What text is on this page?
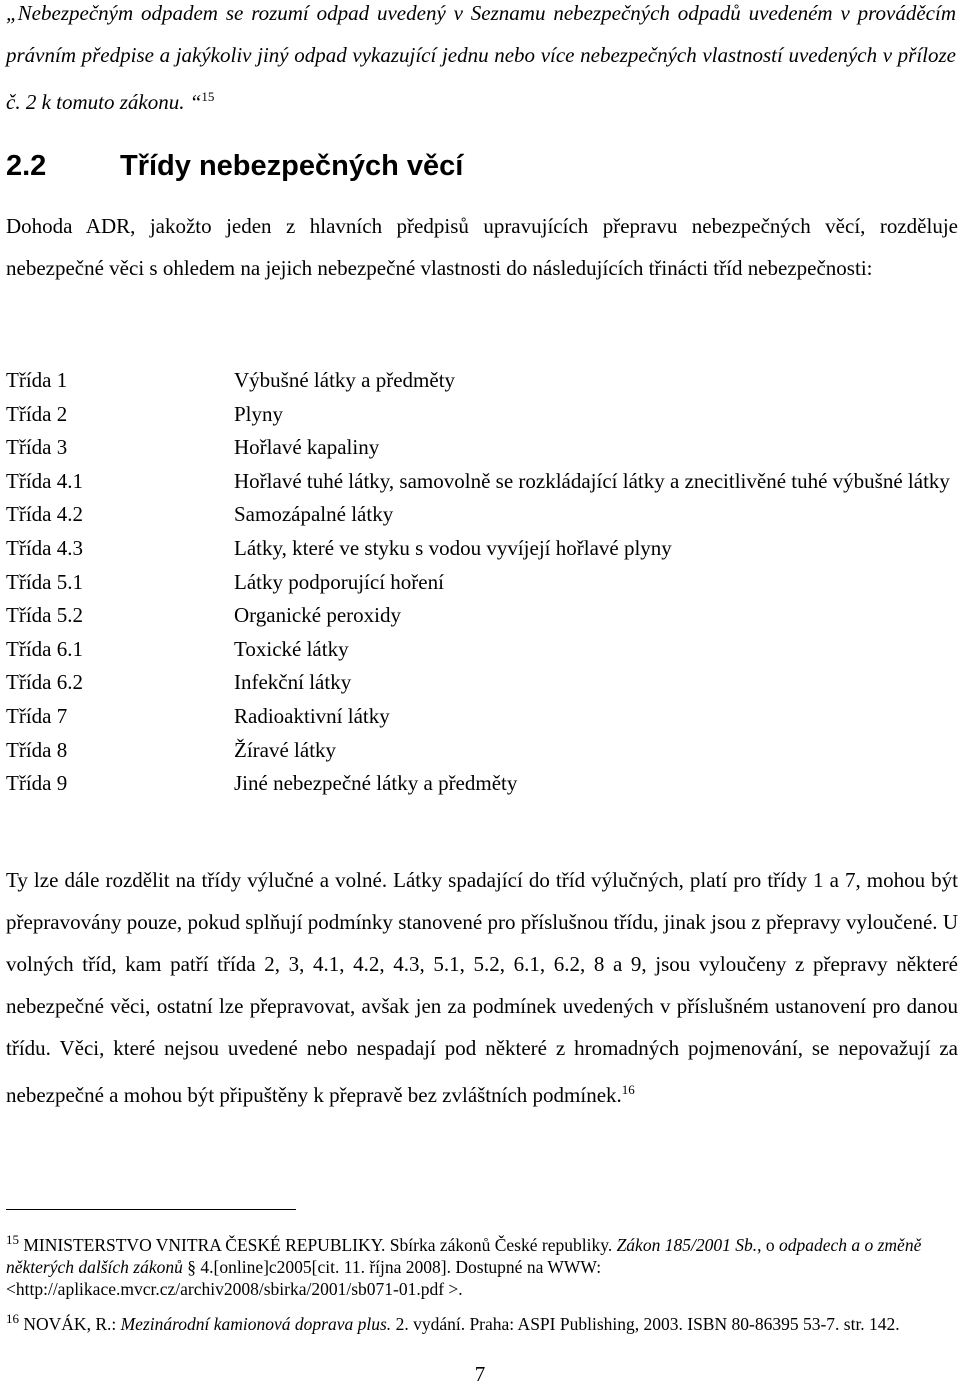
„Nebezpečným odpadem se rozumí odpad uvedený v Seznamu nebezpečných odpadů uvedeném v prováděcím právním předpise a jakýkoliv jiný odpad vykazující jednu nebo více nebezpečných vlastností uvedených v příloze č. 2 k tomuto zákonu. “$^{15}$
2.2	Třídy nebezpečných věcí
Dohoda ADR, jakožto jeden z hlavních předpisů upravujících přepravu nebezpečných věcí, rozděluje nebezpečné věci s ohledem na jejich nebezpečné vlastnosti do následujících třinácti tříd nebezpečnosti:
Třída 1	Výbušné látky a předměty
Třída 2	Plyny
Třída 3	Hořlavé kapaliny
Třída 4.1	Hořlavé tuhé látky, samovolně se rozkládající látky a znecitlivěné tuhé výbušné látky
Třída 4.2	Samozápalné látky
Třída 4.3	Látky, které ve styku s vodou vyvíjejí hořlavé plyny
Třída 5.1	Látky podporující hoření
Třída 5.2	Organické peroxidy
Třída 6.1	Toxické látky
Třída 6.2	Infekční látky
Třída 7	Radioaktivní látky
Třída 8	Žíravé látky
Třída 9	Jiné nebezpečné látky a předměty
Ty lze dále rozdělit na třídy výlučné a volné. Látky spadající do tříd výlučných, platí pro třídy 1 a 7, mohou být přepravovány pouze, pokud splňují podmínky stanovené pro příslušnou třídu, jinak jsou z přepravy vyloučené. U volných tříd, kam patří třída 2, 3, 4.1, 4.2, 4.3, 5.1, 5.2, 6.1, 6.2, 8 a 9, jsou vyloučeny z přepravy některé nebezpečné věci, ostatní lze přepravovat, avšak jen za podmínek uvedených v příslušném ustanovení pro danou třídu. Věci, které nejsou uvedené nebo nespadají pod některé z hromadných pojmenování, se nepovažují za nebezpečné a mohou být připuštěny k přepravě bez zvláštních podmínek.$^{16}$
$^{15}$ MINISTERSTVO VNITRA ČESKÉ REPUBLIKY. Sbírka zákonů České republiky. Zákon 185/2001 Sb., o odpadech a o změně některých dalších zákonů § 4.[online]c2005[cit. 11. října 2008]. Dostupné na WWW: <http://aplikace.mvcr.cz/archiv2008/sbirka/2001/sb071-01.pdf >.
$^{16}$ NOVÁK, R.: Mezinárodní kamionová doprava plus. 2. vydání. Praha: ASPI Publishing, 2003. ISBN 80-86395 53-7. str. 142.
7
